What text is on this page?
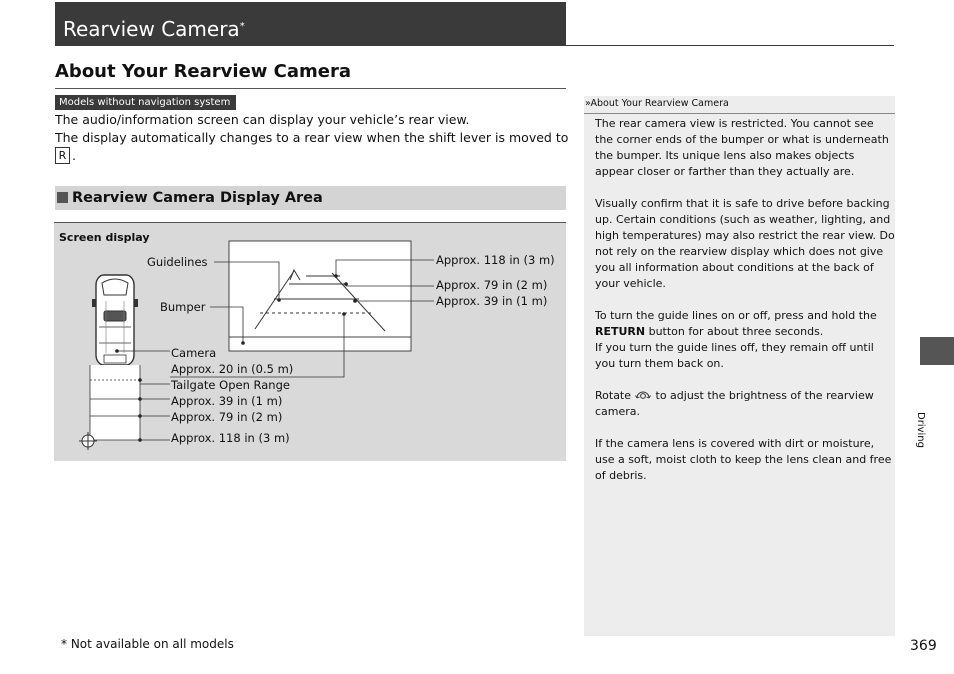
Rearview Camera*
About Your Rearview Camera
Models without navigation system
The audio/information screen can display your vehicle’s rear view.
The display automatically changes to a rear view when the shift lever is moved to
R .
Rearview Camera Display Area
Screen display
Guidelines
Bumper
Camera
Approx. 20 in (0.5 m)
Tailgate Open Range
Approx. 39 in (1 m)
Approx. 79 in (2 m)
Approx. 118 in (3 m)
Approx. 118 in (3 m)
Approx. 79 in (2 m)
Approx. 39 in (1 m)
»About Your Rearview Camera
The rear camera view is restricted. You cannot see
the corner ends of the bumper or what is underneath
the bumper. Its unique lens also makes objects
appear closer or farther than they actually are.
Visually confirm that it is safe to drive before backing
up. Certain conditions (such as weather, lighting, and
high temperatures) may also restrict the rear view. Do
not rely on the rearview display which does not give
you all information about conditions at the back of
your vehicle.
To turn the guide lines on or off, press and hold the
RETURN button for about three seconds.
If you turn the guide lines off, they remain off until
you turn them back on.
Rotate to adjust the brightness of the rearview
camera.
If the camera lens is covered with dirt or moisture,
use a soft, moist cloth to keep the lens clean and free
of debris.
Driving
* Not available on all models	369
